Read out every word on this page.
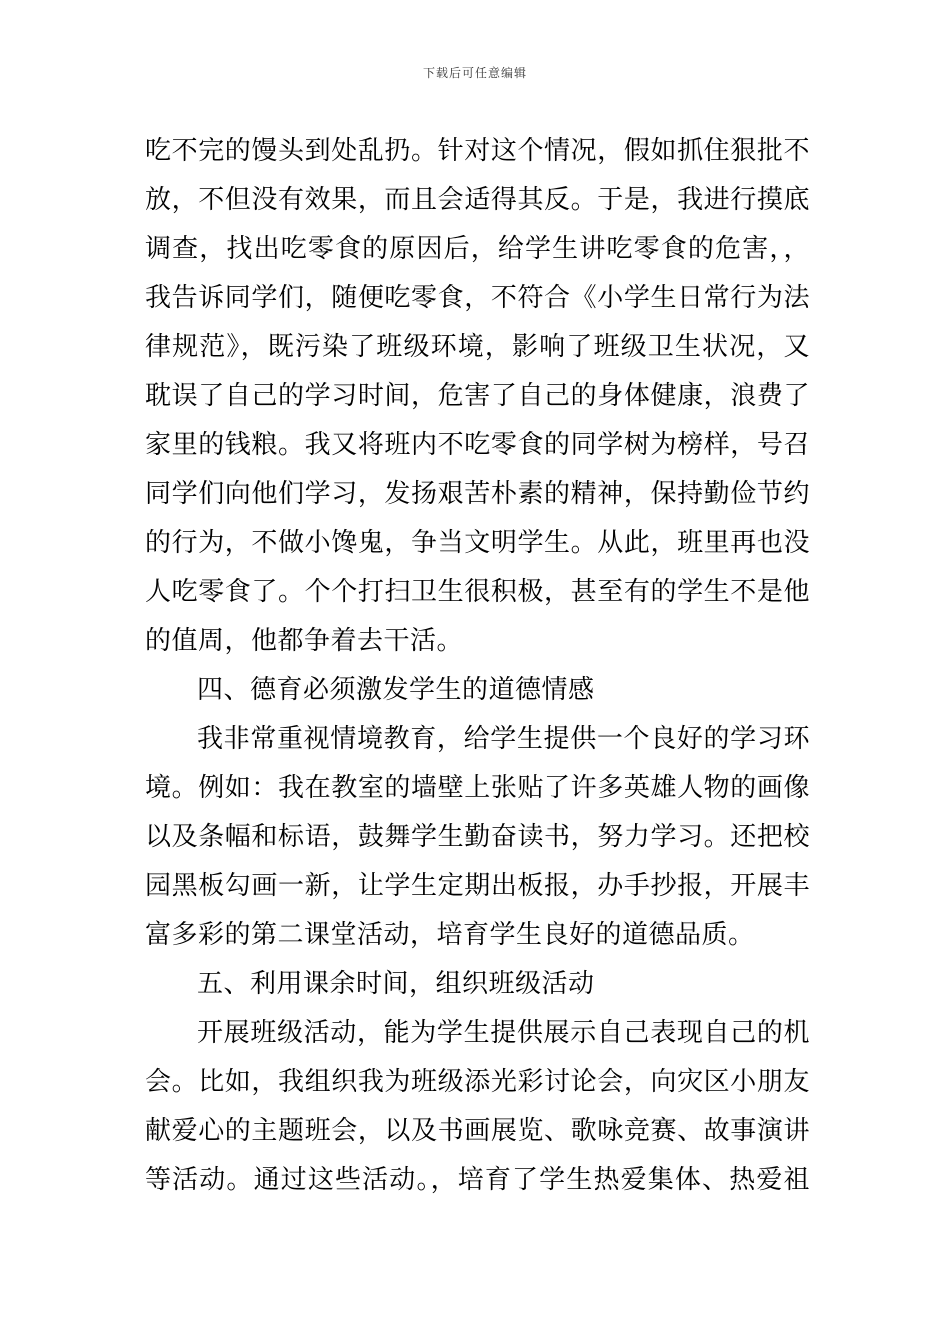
下载后可任意编辑
吃不完的馒头到处乱扔。针对这个情况，假如抓住狠批不
放，不但没有效果，而且会适得其反。于是，我进行摸底
调查，找出吃零食的原因后，给学生讲吃零食的危害，，
我告诉同学们，随便吃零食，不符合《小学生日常行为法
律规范》，既污染了班级环境，影响了班级卫生状况，又
耽误了自己的学习时间，危害了自己的身体健康，浪费了
家里的钱粮。我又将班内不吃零食的同学树为榜样，号召
同学们向他们学习，发扬艰苦朴素的精神，保持勤俭节约
的行为，不做小馋鬼，争当文明学生。从此，班里再也没
人吃零食了。个个打扫卫生很积极，甚至有的学生不是他
的值周，他都争着去干活。
四、德育必须激发学生的道德情感
我非常重视情境教育，给学生提供一个良好的学习环
境。例如：我在教室的墙壁上张贴了许多英雄人物的画像
以及条幅和标语，鼓舞学生勤奋读书，努力学习。还把校
园黑板勾画一新，让学生定期出板报，办手抄报，开展丰
富多彩的第二课堂活动，培育学生良好的道德品质。
五、利用课余时间，组织班级活动
开展班级活动，能为学生提供展示自己表现自己的机
会。比如，我组织我为班级添光彩讨论会，向灾区小朋友
献爱心的主题班会，以及书画展览、歌咏竞赛、故事演讲
等活动。通过这些活动。，培育了学生热爱集体、热爱祖
